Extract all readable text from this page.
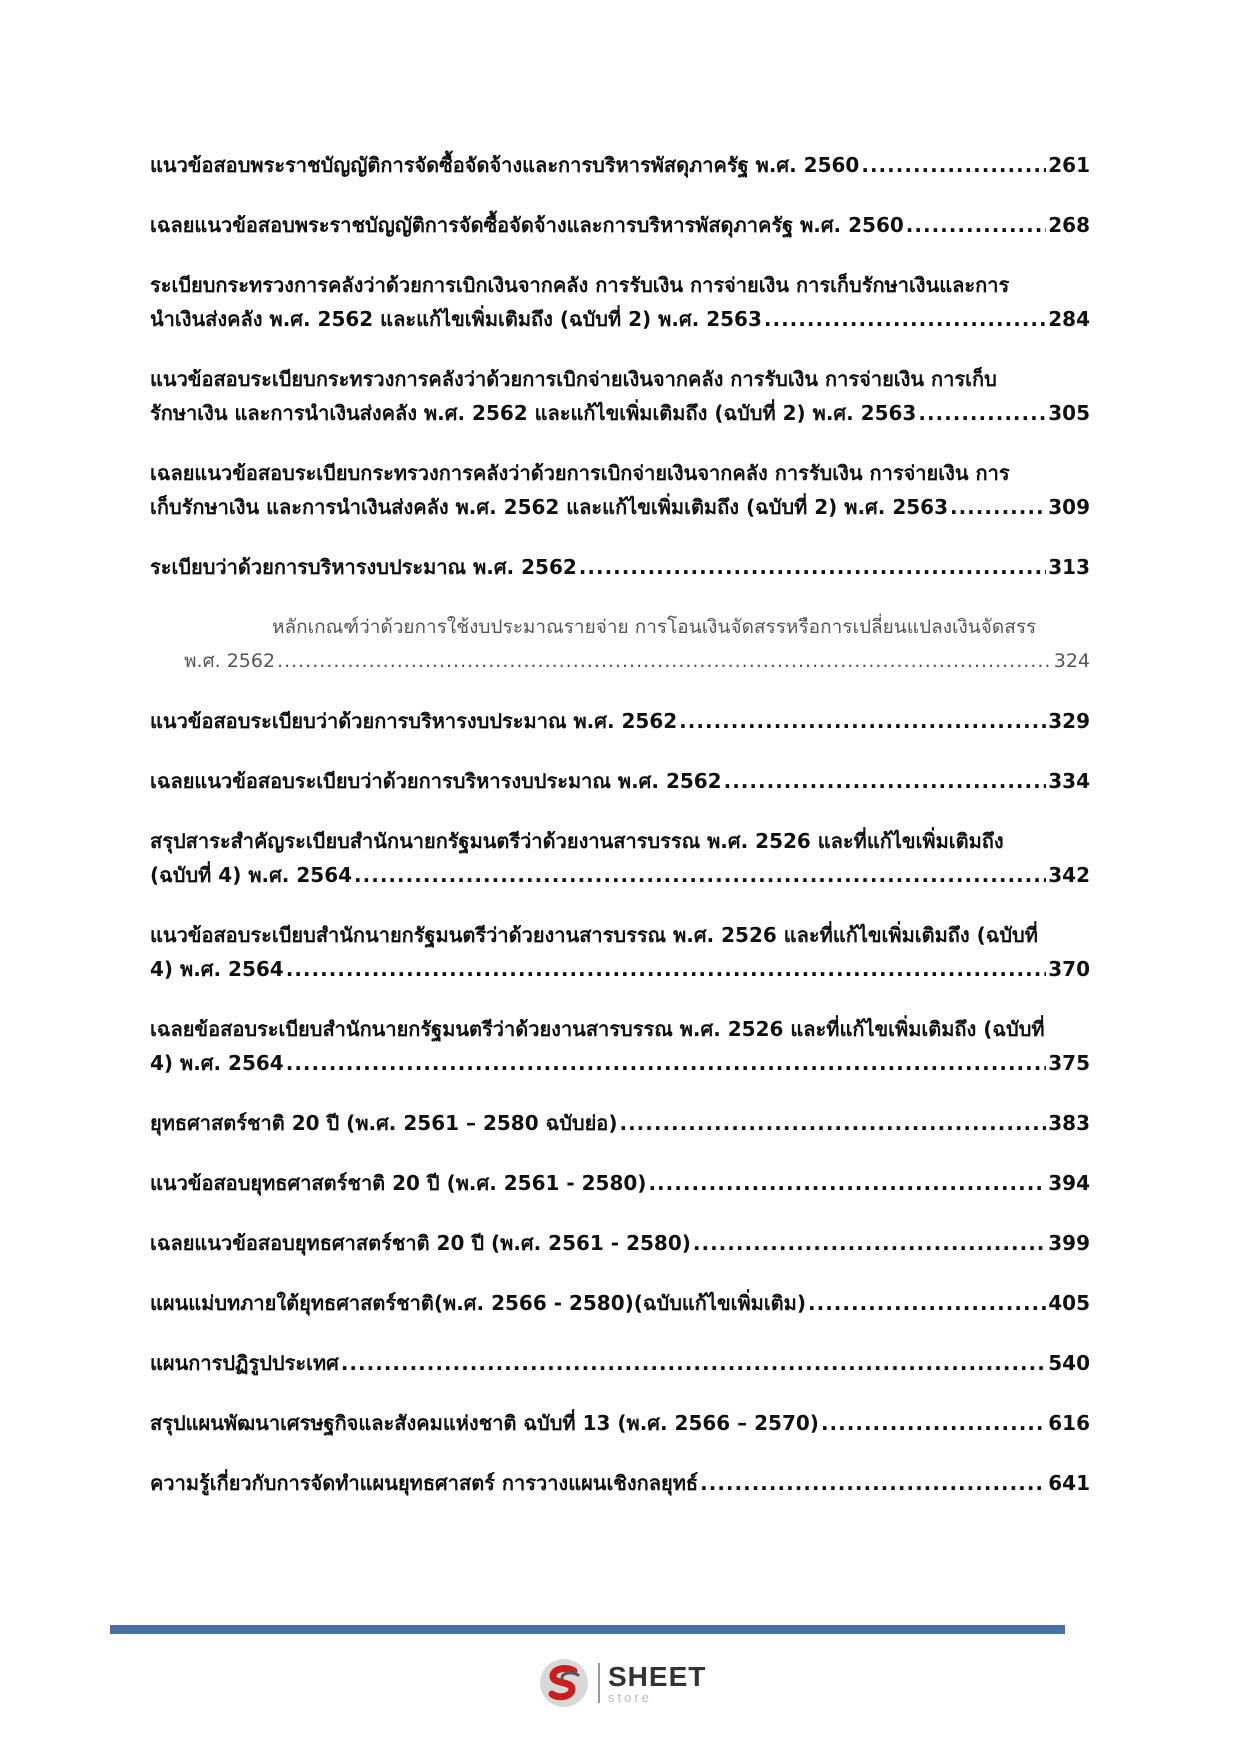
แนวข้อสอบพระราชบัญญัติการจัดซื้อจัดจ้างและการบริหารพัสดุภาครัฐ พ.ศ. 2560 .....	261
เฉลยแนวข้อสอบพระราชบัญญัติการจัดซื้อจัดจ้างและการบริหารพัสดุภาครัฐ พ.ศ. 2560 .....	268
ระเบียบกระทรวงการคลังว่าด้วยการเบิกเงินจากคลัง การรับเงิน การจ่ายเงิน การเก็บรักษาเงินและการ
นำเงินส่งคลัง พ.ศ. 2562 และแก้ไขเพิ่มเติมถึง (ฉบับที่ 2) พ.ศ. 2563 .....	284
แนวข้อสอบระเบียบกระทรวงการคลังว่าด้วยการเบิกจ่ายเงินจากคลัง การรับเงิน การจ่ายเงิน การเก็บ
รักษาเงิน และการนำเงินส่งคลัง พ.ศ. 2562 และแก้ไขเพิ่มเติมถึง (ฉบับที่ 2) พ.ศ. 2563 .....	305
เฉลยแนวข้อสอบระเบียบกระทรวงการคลังว่าด้วยการเบิกจ่ายเงินจากคลัง การรับเงิน การจ่ายเงิน การ
เก็บรักษาเงิน และการนำเงินส่งคลัง พ.ศ. 2562 และแก้ไขเพิ่มเติมถึง (ฉบับที่ 2) พ.ศ. 2563 .....	309
ระเบียบว่าด้วยการบริหารงบประมาณ พ.ศ. 2562 .....	313
หลักเกณฑ์ว่าด้วยการใช้งบประมาณรายจ่าย การโอนเงินจัดสรรหรือการเปลี่ยนแปลงเงินจัดสรร
พ.ศ. 2562 .....	324
แนวข้อสอบระเบียบว่าด้วยการบริหารงบประมาณ พ.ศ. 2562 .....	329
เฉลยแนวข้อสอบระเบียบว่าด้วยการบริหารงบประมาณ พ.ศ. 2562 .....	334
สรุปสาระสำคัญระเบียบสำนักนายกรัฐมนตรีว่าด้วยงานสารบรรณ พ.ศ. 2526 และที่แก้ไขเพิ่มเติมถึง
(ฉบับที่ 4) พ.ศ. 2564 .....	342
แนวข้อสอบระเบียบสำนักนายกรัฐมนตรีว่าด้วยงานสารบรรณ พ.ศ. 2526 และที่แก้ไขเพิ่มเติมถึง (ฉบับที่
4) พ.ศ. 2564 .....	370
เฉลยข้อสอบระเบียบสำนักนายกรัฐมนตรีว่าด้วยงานสารบรรณ พ.ศ. 2526 และที่แก้ไขเพิ่มเติมถึง (ฉบับที่
4) พ.ศ. 2564 .....	375
ยุทธศาสตร์ชาติ 20 ปี (พ.ศ. 2561 – 2580 ฉบับย่อ) .....	383
แนวข้อสอบยุทธศาสตร์ชาติ 20 ปี (พ.ศ. 2561 - 2580) .....	394
เฉลยแนวข้อสอบยุทธศาสตร์ชาติ 20 ปี (พ.ศ. 2561 - 2580) .....	399
แผนแม่บทภายใต้ยุทธศาสตร์ชาติ(พ.ศ. 2566 - 2580)(ฉบับแก้ไขเพิ่มเติม) .....	405
แผนการปฏิรูปประเทศ .....	540
สรุปแผนพัฒนาเศรษฐกิจและสังคมแห่งชาติ ฉบับที่ 13 (พ.ศ. 2566 – 2570) .....	616
ความรู้เกี่ยวกับการจัดทำแผนยุทธศาสตร์ การวางแผนเชิงกลยุทธ์ .....	641
SHEET
store
